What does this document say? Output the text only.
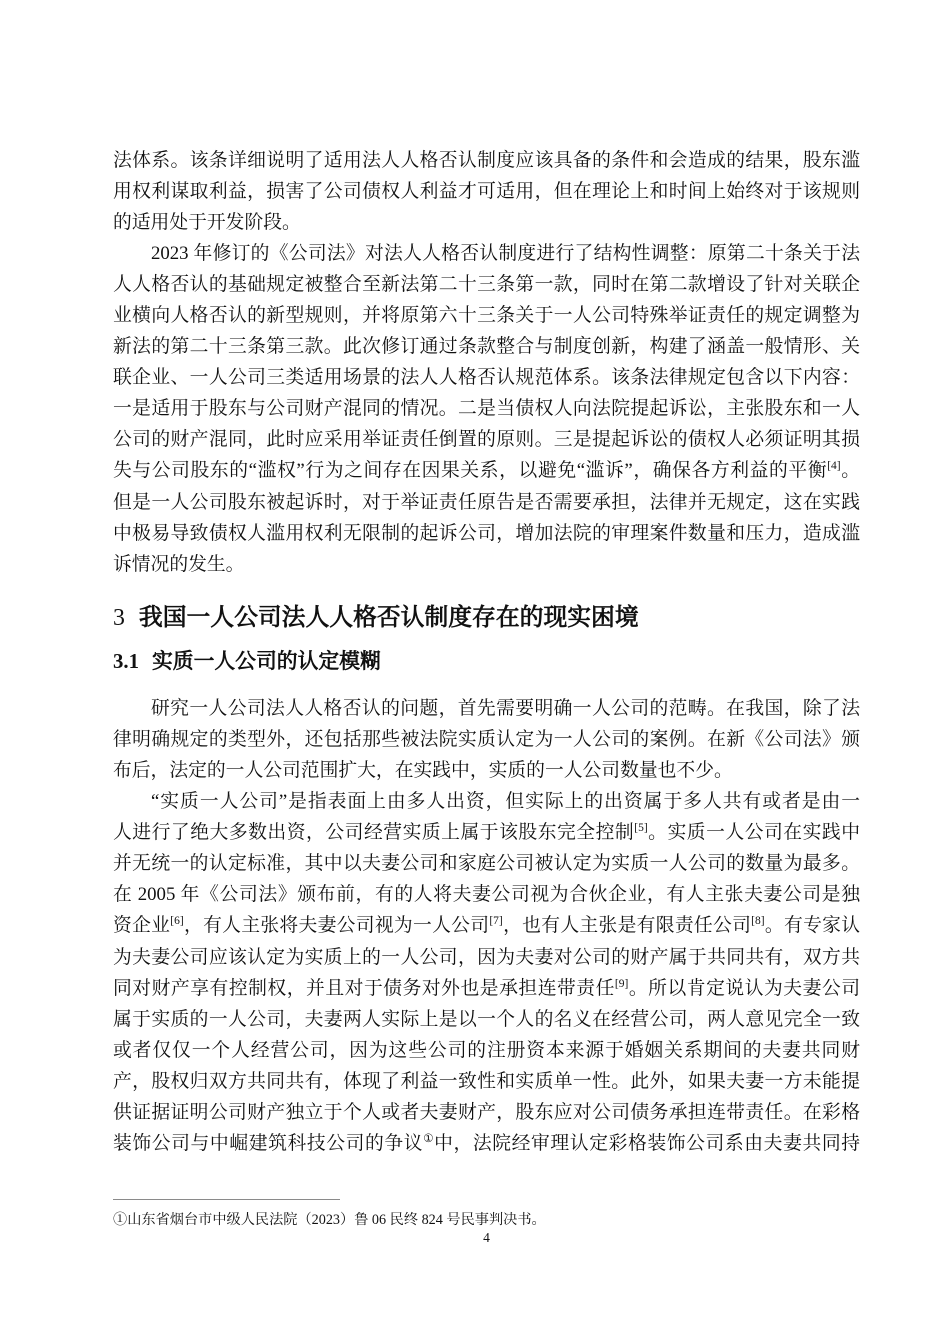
法体系。该条详细说明了适用法人人格否认制度应该具备的条件和会造成的结果，股东滥
用权利谋取利益，损害了公司债权人利益才可适用，但在理论上和时间上始终对于该规则
的适用处于开发阶段。
2023 年修订的《公司法》对法人人格否认制度进行了结构性调整：原第二十条关于法
人人格否认的基础规定被整合至新法第二十三条第一款，同时在第二款增设了针对关联企
业横向人格否认的新型规则，并将原第六十三条关于一人公司特殊举证责任的规定调整为
新法的第二十三条第三款。此次修订通过条款整合与制度创新，构建了涵盖一般情形、关
联企业、一人公司三类适用场景的法人人格否认规范体系。该条法律规定包含以下内容：
一是适用于股东与公司财产混同的情况。二是当债权人向法院提起诉讼，主张股东和一人
公司的财产混同，此时应采用举证责任倒置的原则。三是提起诉讼的债权人必须证明其损
失与公司股东的“滥权”行为之间存在因果关系，以避免“滥诉”，确保各方利益的平衡[4]。
但是一人公司股东被起诉时，对于举证责任原告是否需要承担，法律并无规定，这在实践
中极易导致债权人滥用权利无限制的起诉公司，增加法院的审理案件数量和压力，造成滥
诉情况的发生。
3 我国一人公司法人人格否认制度存在的现实困境
3.1 实质一人公司的认定模糊
研究一人公司法人人格否认的问题，首先需要明确一人公司的范畴。在我国，除了法
律明确规定的类型外，还包括那些被法院实质认定为一人公司的案例。在新《公司法》颁
布后，法定的一人公司范围扩大，在实践中，实质的一人公司数量也不少。
“实质一人公司”是指表面上由多人出资，但实际上的出资属于多人共有或者是由一
人进行了绝大多数出资，公司经营实质上属于该股东完全控制[5]。实质一人公司在实践中
并无统一的认定标准，其中以夫妻公司和家庭公司被认定为实质一人公司的数量为最多。
在 2005 年《公司法》颁布前，有的人将夫妻公司视为合伙企业，有人主张夫妻公司是独
资企业[6]，有人主张将夫妻公司视为一人公司[7]，也有人主张是有限责任公司[8]。有专家认
为夫妻公司应该认定为实质上的一人公司，因为夫妻对公司的财产属于共同共有，双方共
同对财产享有控制权，并且对于债务对外也是承担连带责任[9]。所以肯定说认为夫妻公司
属于实质的一人公司，夫妻两人实际上是以一个人的名义在经营公司，两人意见完全一致
或者仅仅一个人经营公司，因为这些公司的注册资本来源于婚姻关系期间的夫妻共同财
产，股权归双方共同共有，体现了利益一致性和实质单一性。此外，如果夫妻一方未能提
供证据证明公司财产独立于个人或者夫妻财产，股东应对公司债务承担连带责任。在彩格
装饰公司与中崛建筑科技公司的争议①中，法院经审理认定彩格装饰公司系由夫妻共同持
①山东省烟台市中级人民法院（2023）鲁 06 民终 824 号民事判决书。
4
